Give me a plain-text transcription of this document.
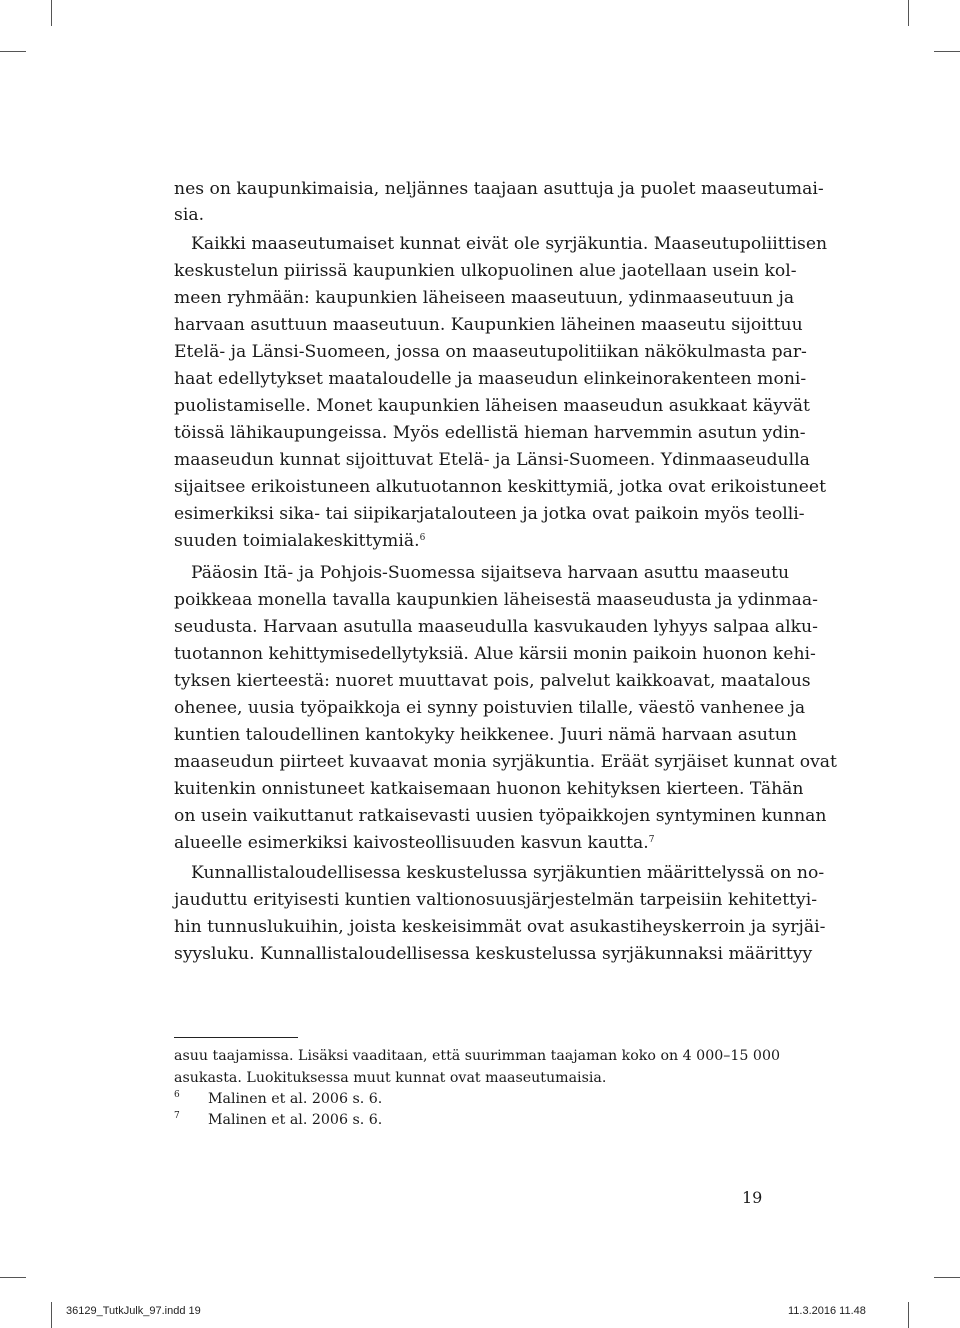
nes on kaupunkimaisia, neljännes taajaan asuttuja ja puolet maaseutumai-
sia.
Kaikki maaseutumaiset kunnat eivät ole syrjäkuntia. Maaseutupoliittisen
keskustelun piirissä kaupunkien ulkopuolinen alue jaotellaan usein kol-
meen ryhmään: kaupunkien läheiseen maaseutuun, ydinmaaseutuun ja
harvaan asuttuun maaseutuun. Kaupunkien läheinen maaseutu sijoittuu
Etelä- ja Länsi-Suomeen, jossa on maaseutupolitiikan näkökulmasta par-
haat edellytykset maataloudelle ja maaseudun elinkeinorakenteen moni-
puolistamiselle. Monet kaupunkien läheisen maaseudun asukkaat käyvät
töissä lähikaupungeissa. Myös edellistä hieman harvemmin asutun ydin-
maaseudun kunnat sijoittuvat Etelä- ja Länsi-Suomeen. Ydinmaaseudulla
sijaitsee erikoistuneen alkutuotannon keskittymiä, jotka ovat erikoistuneet
esimerkiksi sika- tai siipikarjatalouteen ja jotka ovat paikoin myös teolli-
suuden toimialakeskittymiä.$^6$
Pääosin Itä- ja Pohjois-Suomessa sijaitseva harvaan asuttu maaseutu
poikkeaa monella tavalla kaupunkien läheisestä maaseudusta ja ydinmaa-
seudusta. Harvaan asutulla maaseudulla kasvukauden lyhyys salpaa alku-
tuotannon kehittymisedellytyksiä. Alue kärsii monin paikoin huonon kehi-
tyksen kierteestä: nuoret muuttavat pois, palvelut kaikkoavat, maatalous
ohenee, uusia työpaikkoja ei synny poistuvien tilalle, väestö vanhenee ja
kuntien taloudellinen kantokyky heikkenee. Juuri nämä harvaan asutun
maaseudun piirteet kuvaavat monia syrjäkuntia. Eräät syrjäiset kunnat ovat
kuitenkin onnistuneet katkaisemaan huonon kehityksen kierteen. Tähän
on usein vaikuttanut ratkaisevasti uusien työpaikkojen syntyminen kunnan
alueelle esimerkiksi kaivosteollisuuden kasvun kautta.$^7$
Kunnallistaloudellisessa keskustelussa syrjäkuntien määrittelyssä on no-
jauduttu erityisesti kuntien valtionosuusjärjestelmän tarpeisiin kehitettyi-
hin tunnuslukuihin, joista keskeisimmät ovat asukastiheyskerroin ja syrjäi-
syysluku. Kunnallistaloudellisessa keskustelussa syrjäkunnaksi määrittyy
asuu taajamissa. Lisäksi vaaditaan, että suurimman taajaman koko on 4 000–15 000
asukasta. Luokituksessa muut kunnat ovat maaseutumaisia.
6 Malinen et al. 2006 s. 6.
7 Malinen et al. 2006 s. 6.
19
36129_TutkJulk_97.indd 19	11.3.2016 11.48
